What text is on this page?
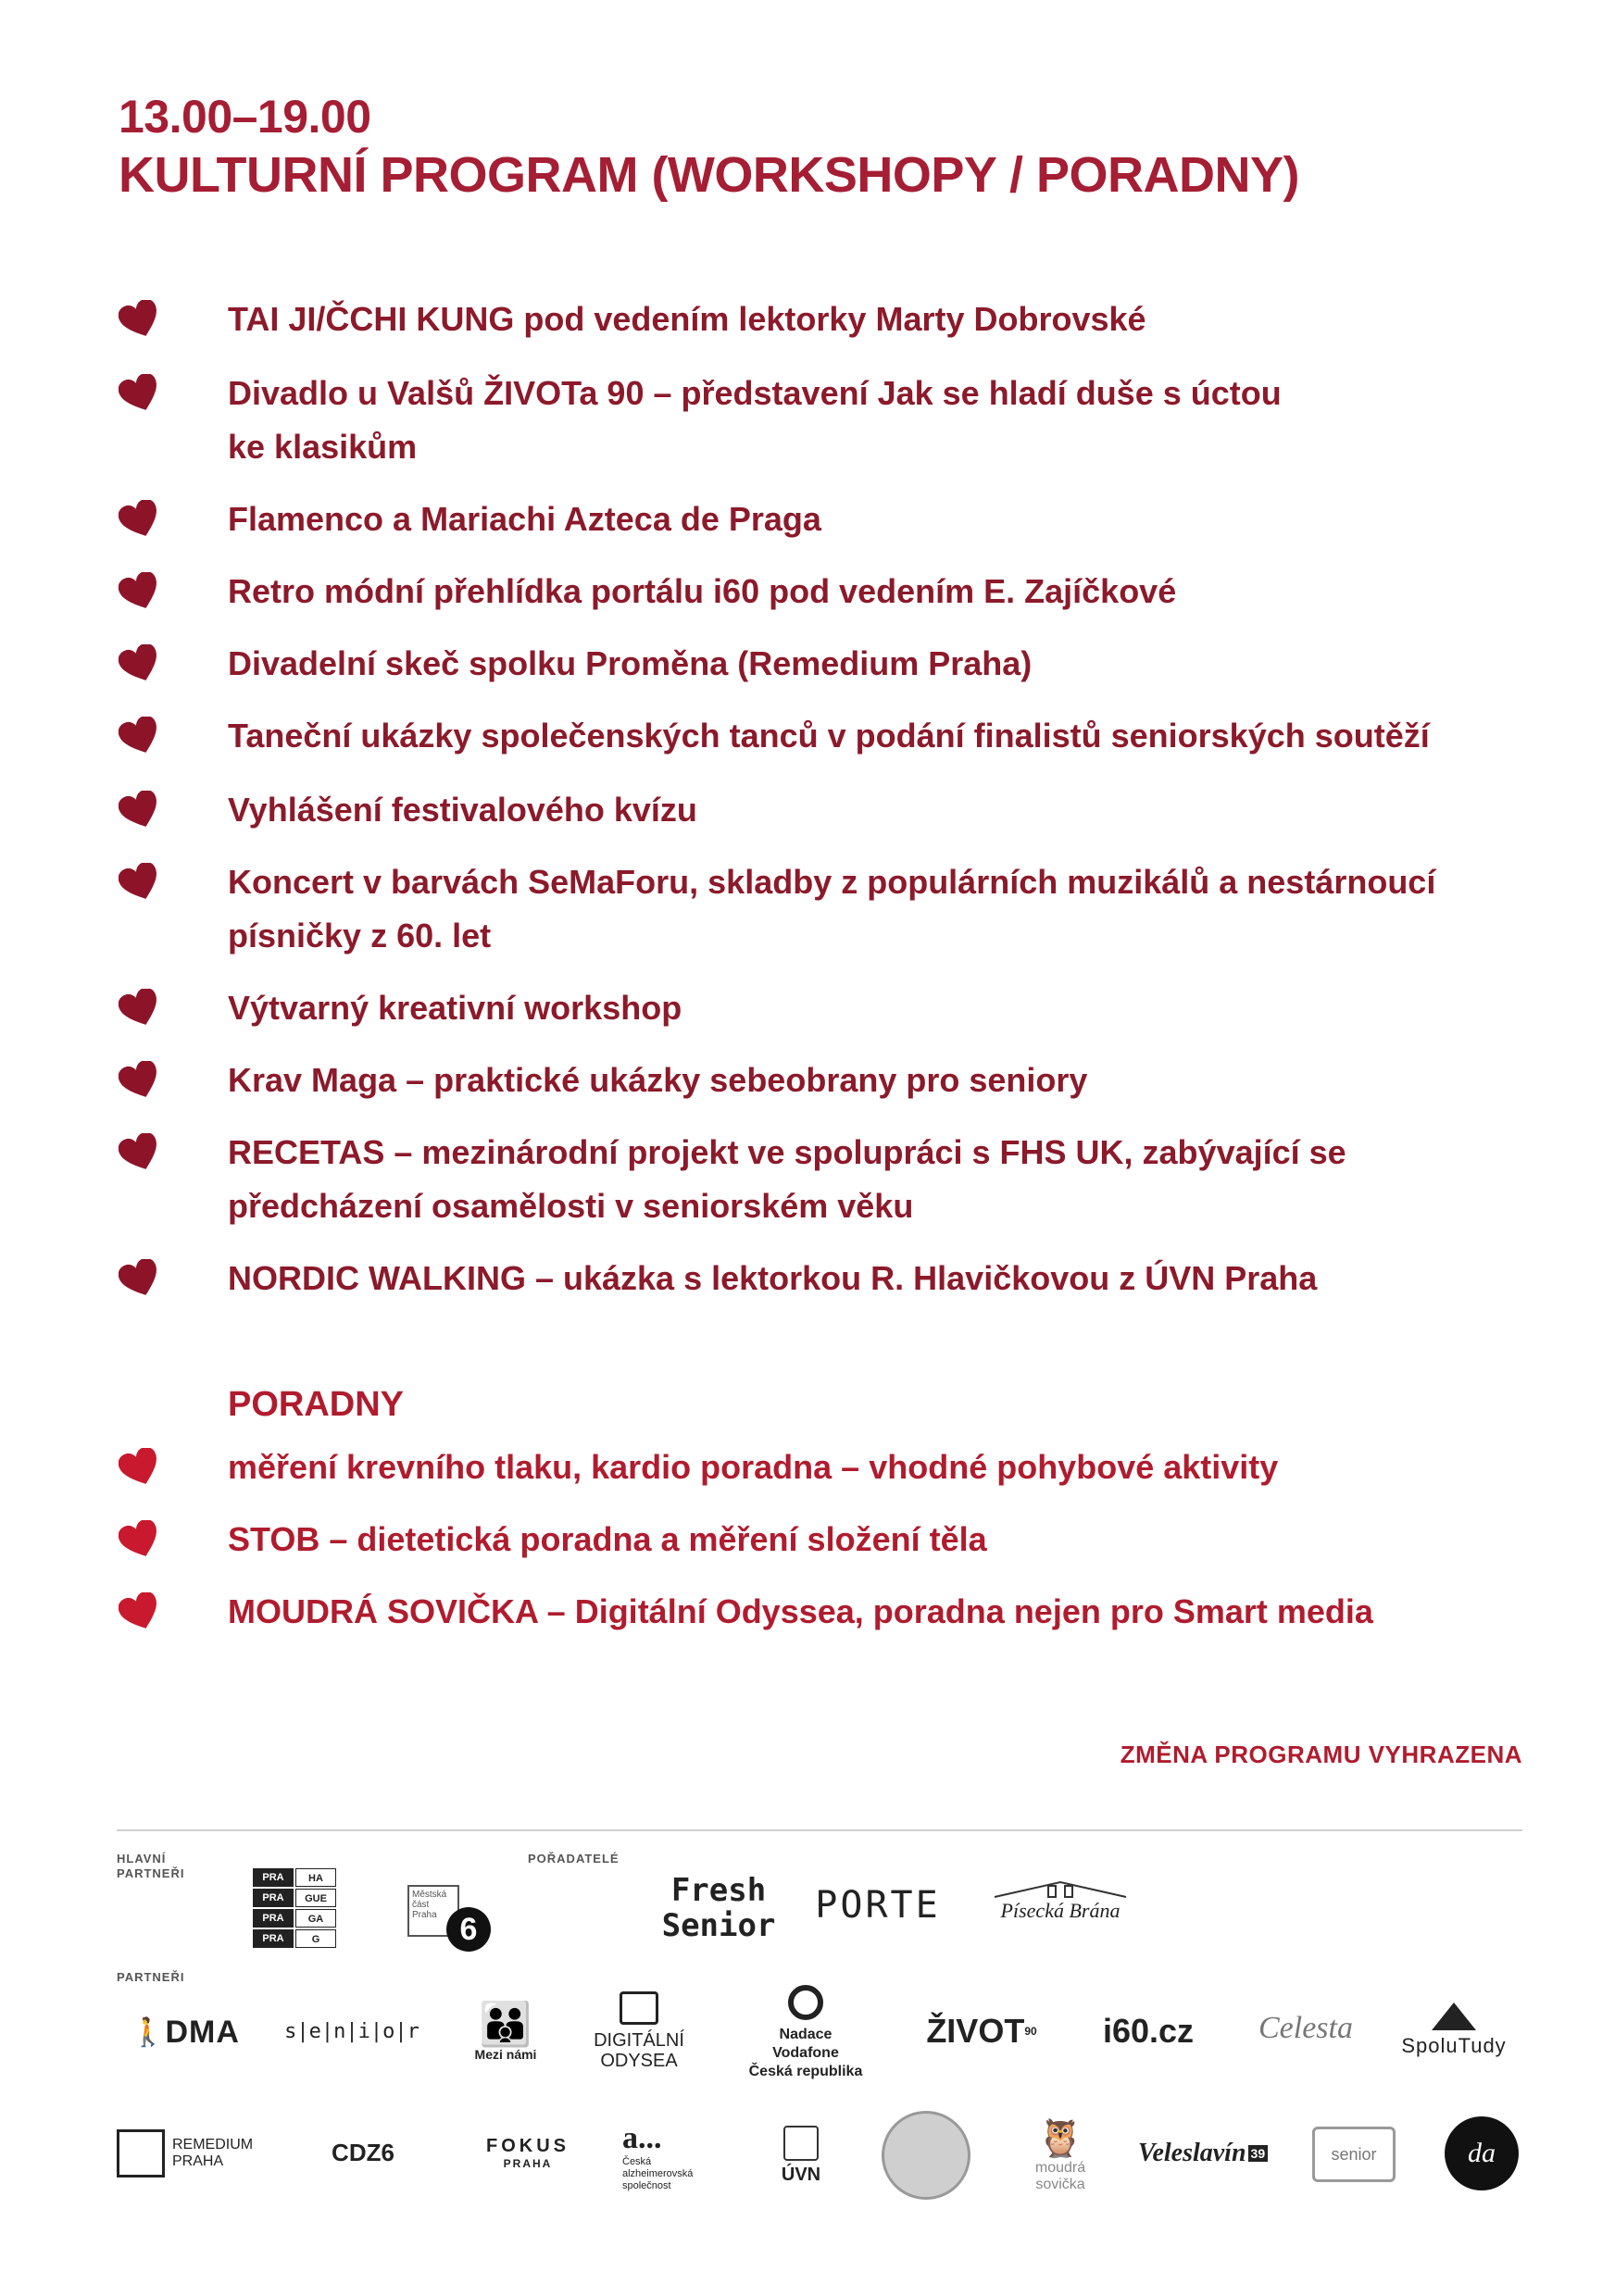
13.00–19.00
KULTURNÍ PROGRAM (WORKSHOPY / PORADNY)
TAI JI/ČCHI KUNG pod vedením lektorky Marty Dobrovské
Divadlo u Valšů ŽIVOTa 90 – představení Jak se hladí duše s úctou
ke klasikům
Flamenco a Mariachi Azteca de Praga
Retro módní přehlídka portálu i60 pod vedením E. Zajíčkové
Divadelní skeč spolku Proměna (Remedium Praha)
Taneční ukázky společenských tanců v podání finalistů seniorských soutěží
Vyhlášení festivalového kvízu
Koncert v barvách SeMaForu, skladby z populárních muzikálů a nestárnoucí
písničky z 60. let
Výtvarný kreativní workshop
Krav Maga – praktické ukázky sebeobrany pro seniory
RECETAS – mezinárodní projekt ve spolupráci s FHS UK, zabývající se
předcházení osamělosti v seniorském věku
NORDIC WALKING – ukázka s lektorkou R. Hlavičkovou z ÚVN Praha
PORADNY
měření krevního tlaku, kardio poradna – vhodné pohybové aktivity
STOB – dietetická poradna a měření složení těla
MOUDRÁ SOVIČKA – Digitální Odyssea, poradna nejen pro Smart media
ZMĚNA PROGRAMU VYHRAZENA
HLAVNÍ
PARTNEŘI
POŘADATELÉ
PARTNEŘI
PRA	HA
PRA	GUE
PRA	GA
PRA	G
Městská část Praha 6
Fresh
Senior PORTE	Písecká Brána
🚶 DMA s|e|n|i|o|r 👪
Mezi námi
DIGITÁLNÍ
ODYSEA
Nadace
Vodafone
Česká republika
ŽIVOT 90 i60.cz Celesta
SpoluTudy
REMEDIUM
PRAHA	CDZ6	FOKUS
PRAHA
a...
Česká alzheimerovská společnost
ÚVN
🦉
moudrá
sovička
Veleslavín 39	senior	da
